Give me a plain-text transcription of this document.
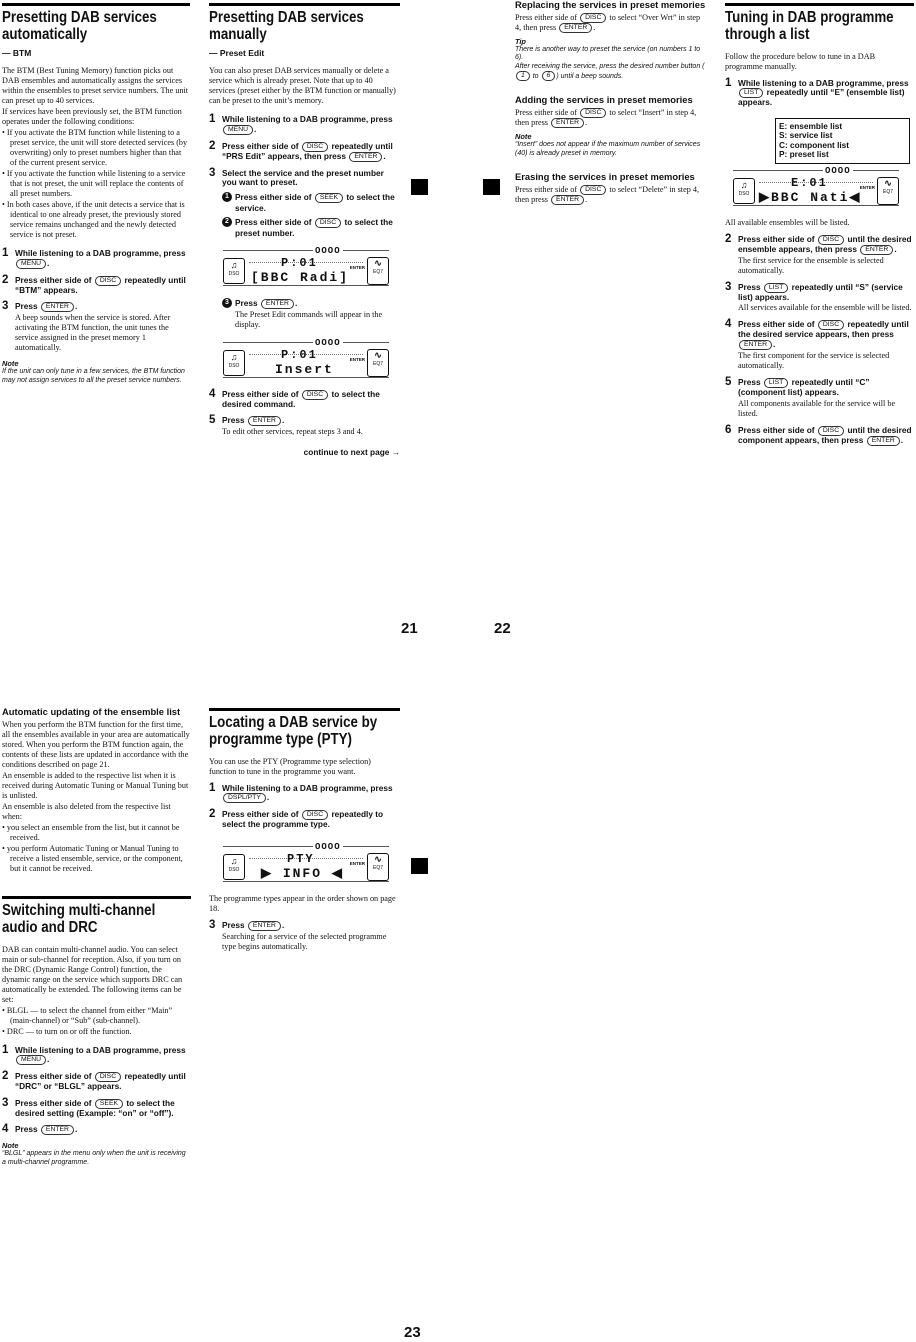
Presetting DAB services automatically
— BTM

The BTM (Best Tuning Memory) function picks out DAB ensembles and automatically assigns the services within the ensembles to preset service numbers. The unit can preset up to 40 services.

If services have been previously set, the BTM function operates under the following conditions:

• If you activate the BTM function while listening to a preset service, the unit will store detected services (by overwriting) only to preset numbers higher than that of the current present service.

• If you activate the function while listening to a service that is not preset, the unit will replace the contents of all preset numbers.

• In both cases above, if the unit detects a service that is identical to one already preset, the previously stored service remains unchanged and the newly detected service is not preset.

1 While listening to a DAB programme, press MENU .
2 Press either side of DISC repeatedly until “BTM” appears.
3 Press ENTER .

A beep sounds when the service is stored. After activating the BTM function, the unit tunes the service assigned in the preset memory 1 automatically.

Note
If the unit can only tune in a few services, the BTM function may not assign services to all the preset service numbers.
Presetting DAB services manually
— Preset Edit

You can also preset DAB services manually or delete a service which is already preset. Note that up to 40 services (preset either by the BTM function or manually) can be preset to the unit’s memory.

1 While listening to a DAB programme, press MENU .
2 Press either side of DISC repeatedly until “PRS Edit” appears, then press ENTER .
3 Select the service and the preset number you want to preset.
1 Press either side of SEEK to select the service.
2 Press either side of DISC to select the preset number.
OOOO
♫
DSO
P:01	ENTER
[BBC Radi]
∿
EQ7
3 Press ENTER .

The Preset Edit commands will appear in the display.

OOOO
♫
DSO
P:01	ENTER
Insert
∿
EQ7
4 Press either side of DISC to select the desired command.
5 Press ENTER .

To edit other services, repeat steps 3 and 4.

continue to next page →
Replacing the services in preset memories

Press either side of DISC to select “Over Wrt” in step 4, then press ENTER .

Tip
There is another way to preset the service (on numbers 1 to 6).
After receiving the service, press the desired number button (1 to 6 ) until a beep sounds.
Adding the services in preset memories

Press either side of DISC to select “Insert” in step 4, then press ENTER .

Note
“Insert” does not appear if the maximum number of services (40) is already preset in memory.
Erasing the services in preset memories

Press either side of DISC to select “Delete” in step 4, then press ENTER .

Tuning in DAB programme through a list

Follow the procedure below to tune in a DAB programme manually.

1 While listening to a DAB programme, press LIST repeatedly until “E” (ensemble list) appears.
E: ensemble list
S: service list
C: component list
P: preset list
OOOO
♫
DSO
E:01	ENTER
▶BBC Nati◀
∿
EQ7

All available ensembles will be listed.

2 Press either side of DISC until the desired ensemble appears, then press ENTER .

The first service for the ensemble is selected automatically.

3 Press LIST repeatedly until “S” (service list) appears.

All services available for the ensemble will be listed.

4 Press either side of DISC repeatedly until the desired service appears, then press ENTER .

The first component for the service is selected automatically.

5 Press LIST repeatedly until “C” (component list) appears.

All components available for the service will be listed.

6 Press either side of DISC until the desired component appears, then press ENTER .
21	22
23
Automatic updating of the ensemble list

When you perform the BTM function for the first time, all the ensembles available in your area are automatically stored. When you perform the BTM function again, the contents of these lists are updated in accordance with the conditions described on page 21.

An ensemble is added to the respective list when it is received during Automatic Tuning or Manual Tuning but is unlisted.

An ensemble is also deleted from the respective list when:

• you select an ensemble from the list, but it cannot be received.

• you perform Automatic Tuning or Manual Tuning to receive a listed ensemble, service, or the component, but it cannot be received.

Switching multi-channel audio and DRC

DAB can contain multi-channel audio. You can select main or sub-channel for reception. Also, if you turn on the DRC (Dynamic Range Control) function, the dynamic range on the service which supports DRC can automatically be extended. The following items can be set:

• BLGL — to select the channel from either “Main” (main-channel) or “Sub” (sub-channel).

• DRC — to turn on or off the function.

1 While listening to a DAB programme, press MENU .
2 Press either side of DISC repeatedly until “DRC” or “BLGL” appears.
3 Press either side of SEEK to select the desired setting (Example: “on” or “off”).
4 Press ENTER .
Note
“BLGL” appears in the menu only when the unit is receiving a multi-channel programme.
Locating a DAB service by programme type (PTY)

You can use the PTY (Programme type selection) function to tune in the programme you want.

1 While listening to a DAB programme, press DSPL/PTY .
2 Press either side of DISC repeatedly to select the programme type.
OOOO
♫
DSO
PTY	ENTER
▶ INFO ◀
∿
EQ7

The programme types appear in the order shown on page 18.

3 Press ENTER .

Searching for a service of the selected programme type begins automatically.
